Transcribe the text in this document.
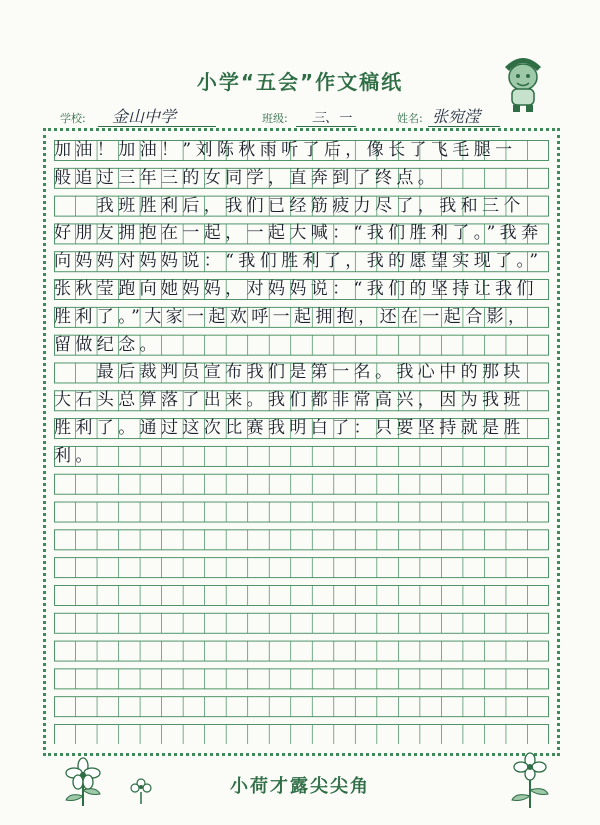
小学“五会”作文稿纸
学校: 金山中学	班级: 三、一	姓名: 张宛滢
加油！加油！”刘陈秋雨听了后，像长了飞毛腿一
般追过三年三的女同学，直奔到了终点。
　　我班胜利后，我们已经筋疲力尽了，我和三个
好朋友拥抱在一起，一起大喊：“我们胜利了。”我奔
向妈妈对妈妈说：“我们胜利了，我的愿望实现了。”
张秋莹跑向她妈妈，对妈妈说：“我们的坚持让我们
胜利了。”大家一起欢呼一起拥抱，还在一起合影，
留做纪念。
　　最后裁判员宣布我们是第一名。我心中的那块
大石头总算落了出来。我们都非常高兴，因为我班
胜利了。通过这次比赛我明白了：只要坚持就是胜
利。
小荷才露尖尖角
